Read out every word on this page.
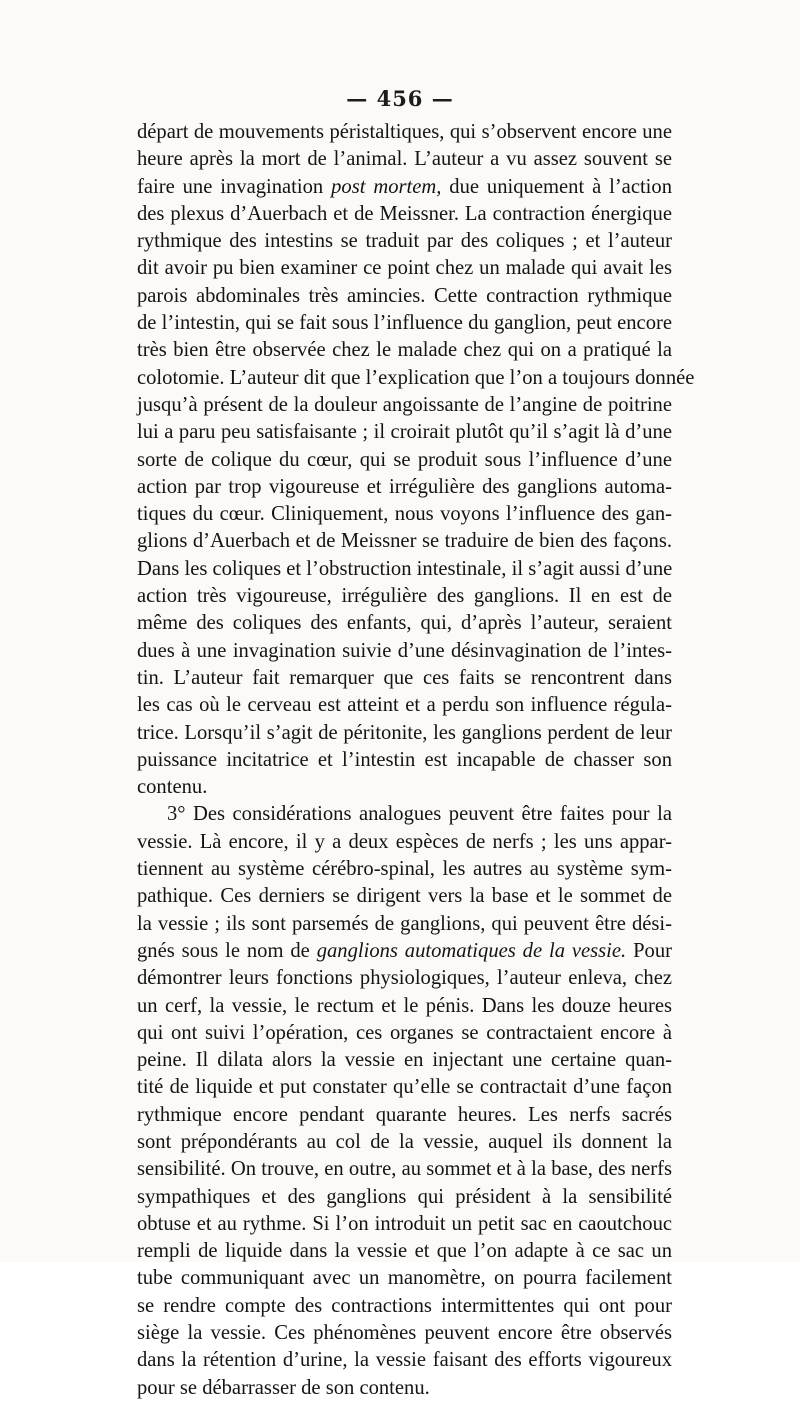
— 456 —
départ de mouvements péristaltiques, qui s’observent encore une
heure après la mort de l’animal. L’auteur a vu assez souvent se
faire une invagination post mortem, due uniquement à l’action
des plexus d’Auerbach et de Meissner. La contraction énergique
rythmique des intestins se traduit par des coliques ; et l’auteur
dit avoir pu bien examiner ce point chez un malade qui avait les
parois abdominales très amincies. Cette contraction rythmique
de l’intestin, qui se fait sous l’influence du ganglion, peut encore
très bien être observée chez le malade chez qui on a pratiqué la
colotomie. L’auteur dit que l’explication que l’on a toujours donnée
jusqu’à présent de la douleur angoissante de l’angine de poitrine
lui a paru peu satisfaisante ; il croirait plutôt qu’il s’agit là d’une
sorte de colique du cœur, qui se produit sous l’influence d’une
action par trop vigoureuse et irrégulière des ganglions automa-
tiques du cœur. Cliniquement, nous voyons l’influence des gan-
glions d’Auerbach et de Meissner se traduire de bien des façons.
Dans les coliques et l’obstruction intestinale, il s’agit aussi d’une
action très vigoureuse, irrégulière des ganglions. Il en est de
même des coliques des enfants, qui, d’après l’auteur, seraient
dues à une invagination suivie d’une désinvagination de l’intes-
tin. L’auteur fait remarquer que ces faits se rencontrent dans
les cas où le cerveau est atteint et a perdu son influence régula-
trice. Lorsqu’il s’agit de péritonite, les ganglions perdent de leur
puissance incitatrice et l’intestin est incapable de chasser son
contenu.
3° Des considérations analogues peuvent être faites pour la
vessie. Là encore, il y a deux espèces de nerfs ; les uns appar-
tiennent au système cérébro-spinal, les autres au système sym-
pathique. Ces derniers se dirigent vers la base et le sommet de
la vessie ; ils sont parsemés de ganglions, qui peuvent être dési-
gnés sous le nom de ganglions automatiques de la vessie. Pour
démontrer leurs fonctions physiologiques, l’auteur enleva, chez
un cerf, la vessie, le rectum et le pénis. Dans les douze heures
qui ont suivi l’opération, ces organes se contractaient encore à
peine. Il dilata alors la vessie en injectant une certaine quan-
tité de liquide et put constater qu’elle se contractait d’une façon
rythmique encore pendant quarante heures. Les nerfs sacrés
sont prépondérants au col de la vessie, auquel ils donnent la
sensibilité. On trouve, en outre, au sommet et à la base, des nerfs
sympathiques et des ganglions qui président à la sensibilité
obtuse et au rythme. Si l’on introduit un petit sac en caoutchouc
rempli de liquide dans la vessie et que l’on adapte à ce sac un
tube communiquant avec un manomètre, on pourra facilement
se rendre compte des contractions intermittentes qui ont pour
siège la vessie. Ces phénomènes peuvent encore être observés
dans la rétention d’urine, la vessie faisant des efforts vigoureux
pour se débarrasser de son contenu.
